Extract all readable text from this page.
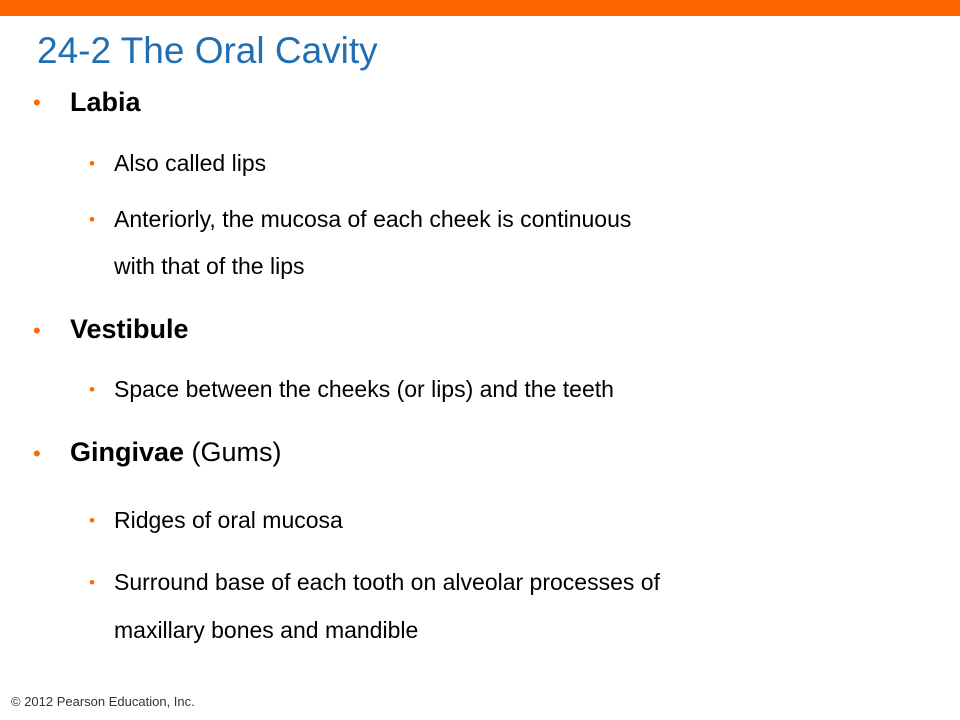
24-2 The Oral Cavity
• Labia
• Also called lips
• Anteriorly, the mucosa of each cheek is continuous
with that of the lips
• Vestibule
• Space between the cheeks (or lips) and the teeth
• Gingivae (Gums)
• Ridges of oral mucosa
• Surround base of each tooth on alveolar processes of
maxillary bones and mandible
© 2012 Pearson Education, Inc.
